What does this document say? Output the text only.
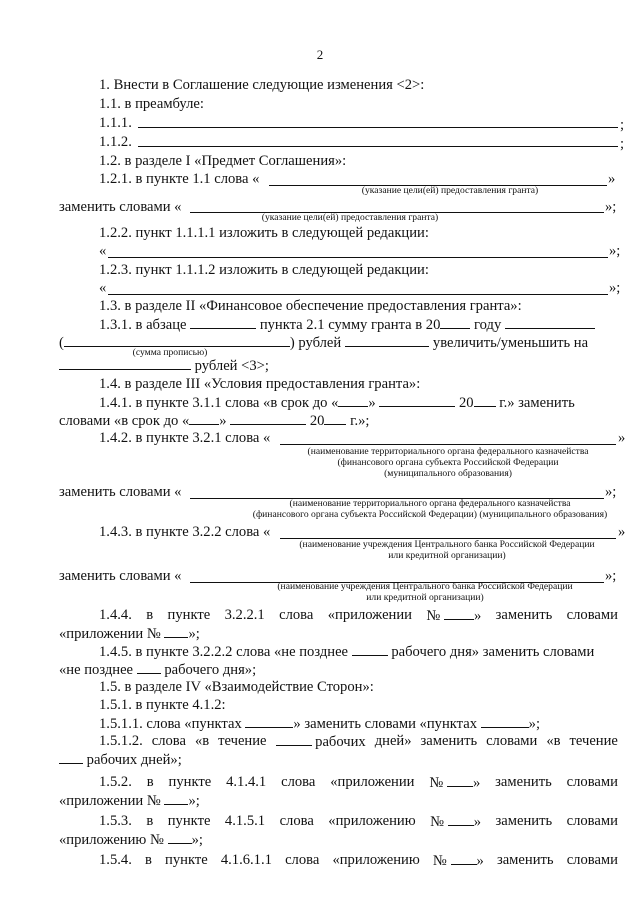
2
1. Внести в Соглашение следующие изменения <2>:
1.1. в преамбуле:
1.1.1.	;
1.1.2.	;
1.2. в разделе I «Предмет Соглашения»:
1.2.1. в пункте 1.1 слова «	»
(указание цели(ей) предоставления гранта)
заменить словами «	»;
(указание цели(ей) предоставления гранта)
1.2.2. пункт 1.1.1.1 изложить в следующей редакции:
«	»;
1.2.3. пункт 1.1.1.2 изложить в следующей редакции:
«	»;
1.3. в разделе II «Финансовое обеспечение предоставления гранта»:
1.3.1. в абзаце	пункта 2.1 сумму гранта в 20 году
(	) рублей	увеличить/уменьшить на
(сумма прописью)
рублей <3>;
1.4. в разделе III «Условия предоставления гранта»:
1.4.1. в пункте 3.1.1 слова «в срок до « »	20 г.» заменить
словами «в срок до « »	20 г.»;
1.4.2. в пункте 3.2.1 слова «	»
(наименование территориального органа федерального казначейства
(финансового органа субъекта Российской Федерации
(муниципального образования)
заменить словами «	»;
(наименование территориального органа федерального казначейства
(финансового органа субъекта Российской Федерации) (муниципального образования)
1.4.3. в пункте 3.2.2 слова «	»
(наименование учреждения Центрального банка Российской Федерации
или кредитной организации)
заменить словами «	»;
(наименование учреждения Центрального банка Российской Федерации
или кредитной организации)
1.4.4. в пункте 3.2.2.1 слова «приложении № » заменить словами
«приложении № »;
1.4.5. в пункте 3.2.2.2 слова «не позднее	рабочего дня» заменить словами
«не позднее рабочего дня»;
1.5. в разделе IV «Взаимодействие Сторон»:
1.5.1. в пункте 4.1.2:
1.5.1.1. слова «пунктах	» заменить словами «пунктах	»;
1.5.1.2. слова «в течение	рабочих дней» заменить словами «в течение
рабочих дней»;
1.5.2. в пункте 4.1.4.1 слова «приложении № » заменить словами
«приложении № »;
1.5.3. в пункте 4.1.5.1 слова «приложению № » заменить словами
«приложению № »;
1.5.4. в пункте 4.1.6.1.1 слова «приложению № » заменить словами
